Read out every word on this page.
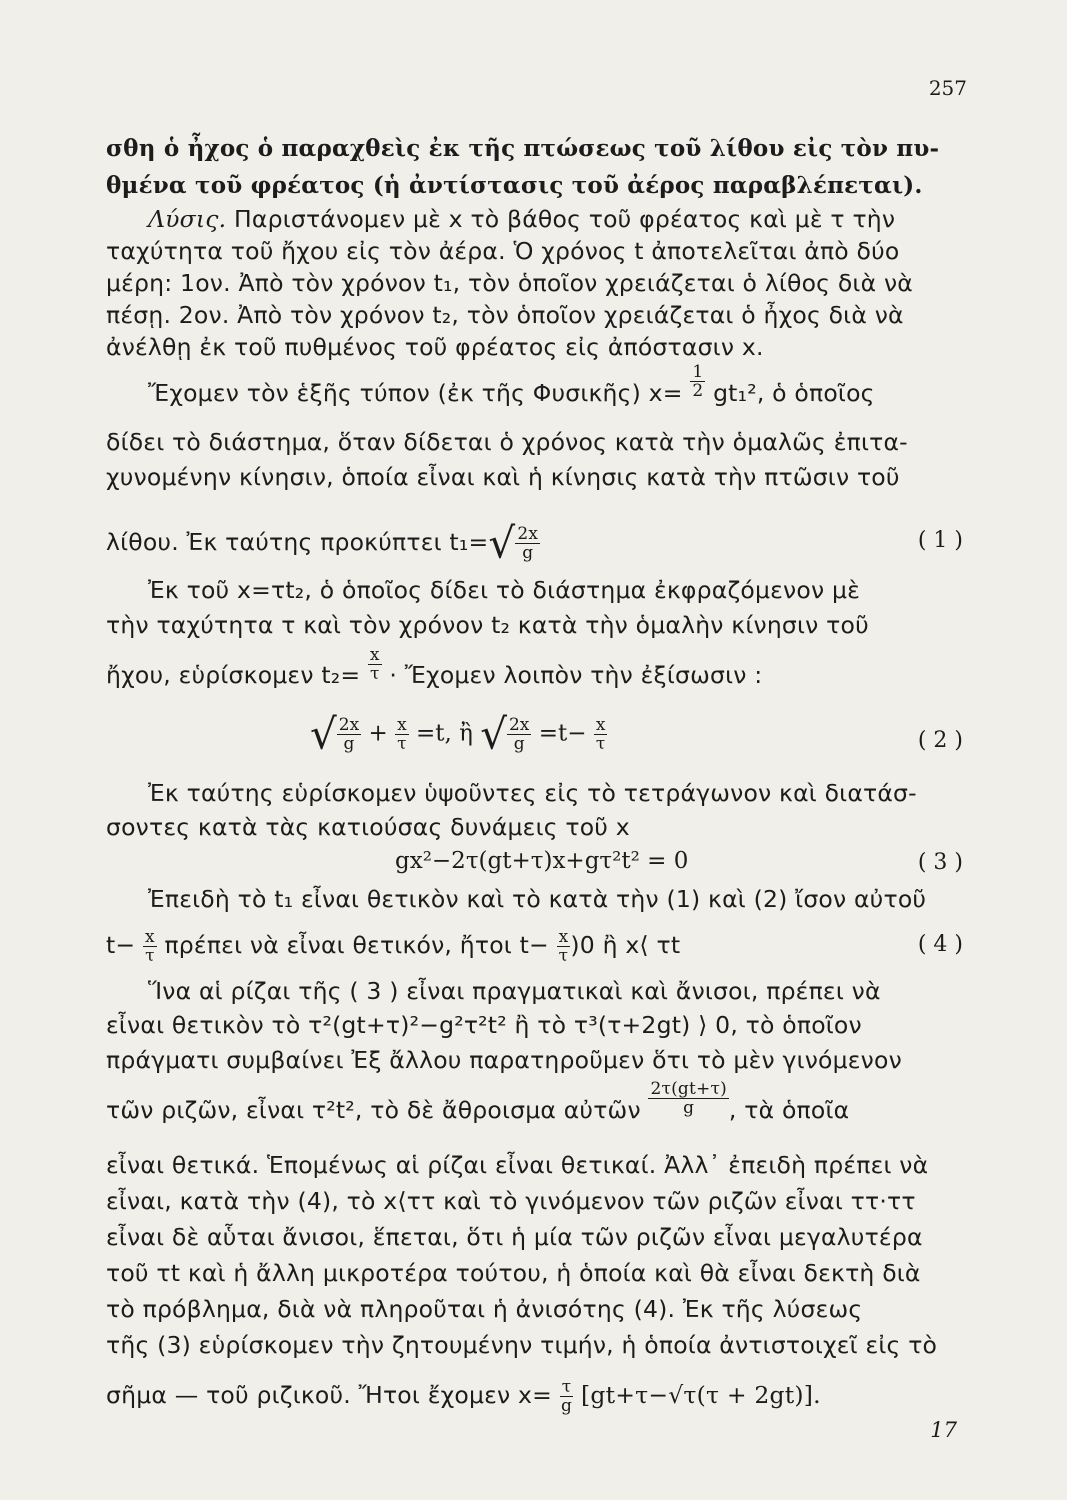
257
σθη ὁ ἦχος ὁ παραχθεὶς ἐκ τῆς πτώσεως τοῦ λίθου εἰς τὸν πυ-
θμένα τοῦ φρέατος (ἡ ἀντίστασις τοῦ ἀέρος παραβλέπεται).
Λύσις. Παριστάνομεν μὲ x τὸ βάθος τοῦ φρέατος καὶ μὲ τ τὴν
ταχύτητα τοῦ ἤχου εἰς τὸν ἀέρα. Ὁ χρόνος t ἀποτελεῖται ἀπὸ δύο
μέρη: 1ον. Ἀπὸ τὸν χρόνον t₁, τὸν ὁποῖον χρειάζεται ὁ λίθος διὰ νὰ
πέσῃ. 2ον. Ἀπὸ τὸν χρόνον t₂, τὸν ὁποῖον χρειάζεται ὁ ἦχος διὰ νὰ
ἀνέλθῃ ἐκ τοῦ πυθμένος τοῦ φρέατος εἰς ἀπόστασιν x.
Ἔχομεν τὸν ἑξῆς τύπον (ἐκ τῆς Φυσικῆς) $x= \frac{1}{2} gt_1^2$, ὁ ὁποῖος
δίδει τὸ διάστημα, ὅταν δίδεται ὁ χρόνος κατὰ τὴν ὁμαλῶς ἐπιτα-
χυνομένην κίνησιν, ὁποία εἶναι καὶ ἡ κίνησις κατὰ τὴν πτῶσιν τοῦ
λίθου. Ἐκ ταύτης προκύπτει $t_1=√ \frac{2x}{g}$	( 1 )
Ἐκ τοῦ x=τt₂, ὁ ὁποῖος δίδει τὸ διάστημα ἐκφραζόμενον μὲ
τὴν ταχύτητα τ καὶ τὸν χρόνον t₂ κατὰ τὴν ὁμαλὴν κίνησιν τοῦ
ἤχου, εὑρίσκομεν $t_2= \frac{x}{\tau}$ · Ἔχομεν λοιπὸν τὴν ἐξίσωσιν :
√ $\frac{2x}{g} + \frac{x}{\tau} =t$, ἢ √ $\frac{2x}{g} =t- \frac{x}{\tau}$	( 2 )
Ἐκ ταύτης εὑρίσκομεν ὑψοῦντες εἰς τὸ τετράγωνον καὶ διατάσ-
σοντες κατὰ τὰς κατιούσας δυνάμεις τοῦ x
gx²−2τ(gt+τ)x+gτ²t² = 0	( 3 )
Ἐπειδὴ τὸ t₁ εἶναι θετικὸν καὶ τὸ κατὰ τὴν (1) καὶ (2) ἴσον αὐτοῦ
$t- \frac{x}{\tau}$ πρέπει νὰ εἶναι θετικόν, ἤτοι $t- \frac{x}{\tau} )0$ ἢ x⟨ τt	( 4 )
Ἵνα αἱ ρίζαι τῆς ( 3 ) εἶναι πραγματικαὶ καὶ ἄνισοι, πρέπει νὰ
εἶναι θετικὸν τὸ τ²(gt+τ)²−g²τ²t² ἢ τὸ τ³(τ+2gt) ⟩ 0, τὸ ὁποῖον
πράγματι συμβαίνει Ἐξ ἄλλου παρατηροῦμεν ὅτι τὸ μὲν γινόμενον
τῶν ριζῶν, εἶναι τ²t², τὸ δὲ ἄθροισμα αὐτῶν $\frac{2\tau(gt+\tau)}{g}$ , τὰ ὁποῖα
εἶναι θετικά. Ἑπομένως αἱ ρίζαι εἶναι θετικαί. Ἀλλ᾽ ἐπειδὴ πρέπει νὰ
εἶναι, κατὰ τὴν (4), τὸ x⟨ττ καὶ τὸ γινόμενον τῶν ριζῶν εἶναι ττ·ττ
εἶναι δὲ αὗται ἄνισοι, ἕπεται, ὅτι ἡ μία τῶν ριζῶν εἶναι μεγαλυτέρα
τοῦ τt καὶ ἡ ἄλλη μικροτέρα τούτου, ἡ ὁποία καὶ θὰ εἶναι δεκτὴ διὰ
τὸ πρόβλημα, διὰ νὰ πληροῦται ἡ ἀνισότης (4). Ἐκ τῆς λύσεως
τῆς (3) εὑρίσκομεν τὴν ζητουμένην τιμήν, ἡ ὁποία ἀντιστοιχεῖ εἰς τὸ
σῆμα — τοῦ ριζικοῦ. Ἤτοι ἔχομεν $x= \frac{\tau}{g} [gt+\tau-√\tau(\tau + 2gt)]$.
17
